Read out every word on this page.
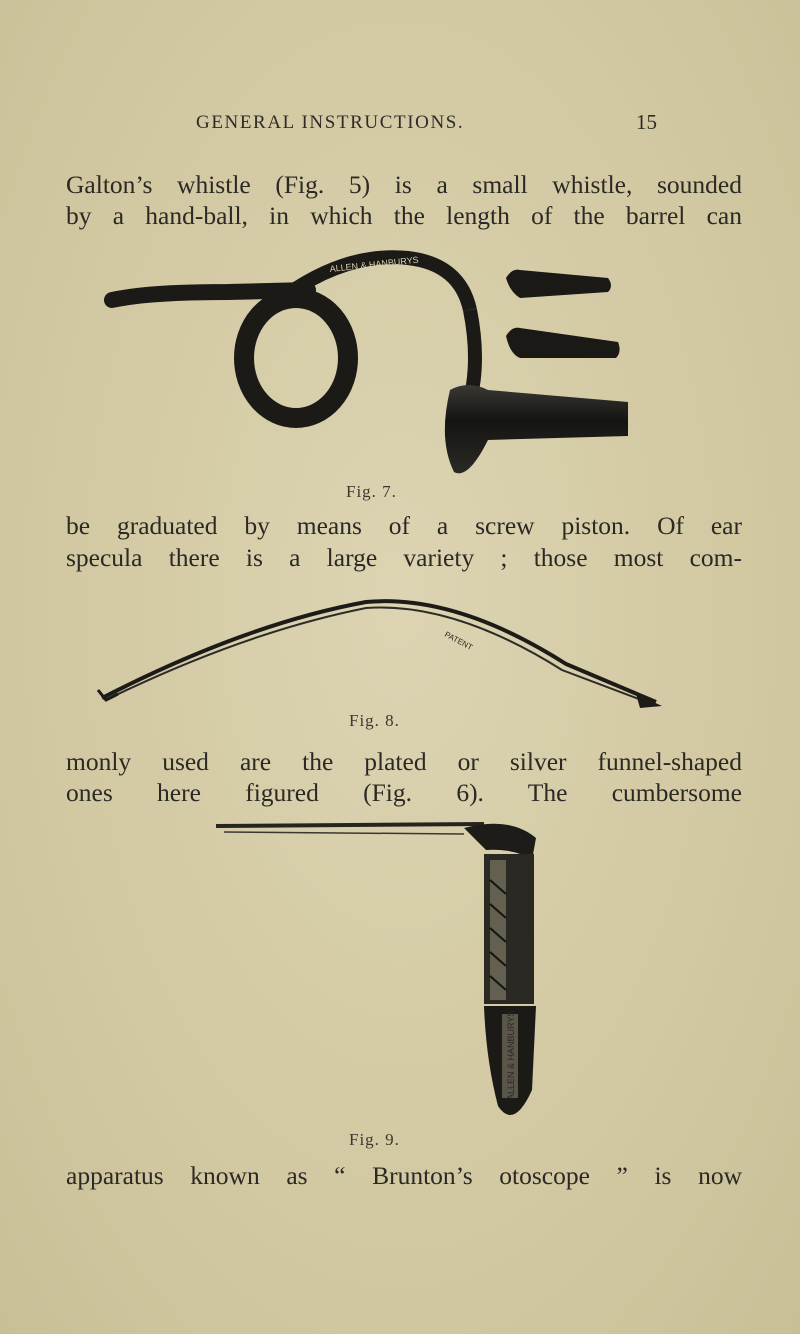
GENERAL INSTRUCTIONS.	15
Galton’s whistle (Fig. 5) is a small whistle, sounded
by a hand-ball, in which the length of the barrel can
ALLEN & HANBURYS
Fig. 7.
be graduated by means of a screw piston. Of ear
specula there is a large variety ; those most com-
PATENT
Fig. 8.
monly used are the plated or silver funnel-shaped
ones here figured (Fig. 6). The cumbersome
ALLEN & HANBURYS
Fig. 9.
apparatus known as “ Brunton’s otoscope ” is now
